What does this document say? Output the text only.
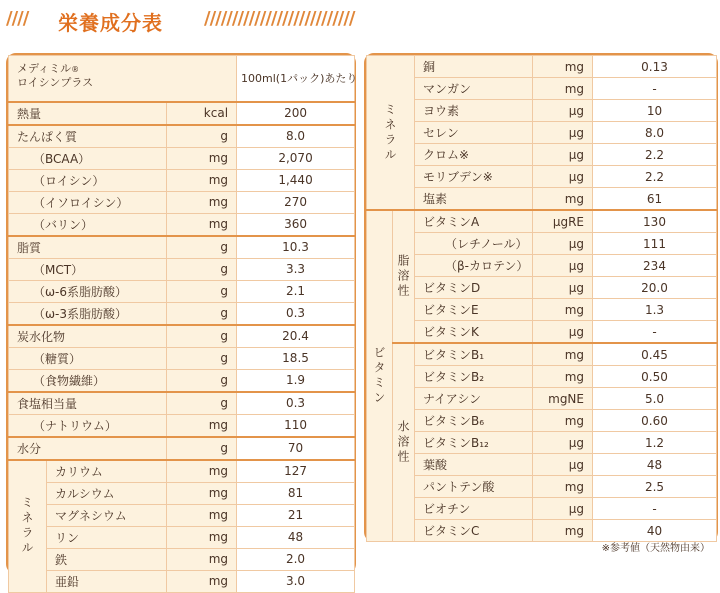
////	栄養成分表 ///////////////////////////
メディミル®
ロイシンプラス			100ml(1パック)あたり
熱量		kcal	200
たんぱく質		g	8.0
（BCAA）		mg	2,070
（ロイシン）		mg	1,440
（イソロイシン）		mg	270
（バリン）		mg	360
脂質		g	10.3
（MCT）		g	3.3
（ω-6系脂肪酸）		g	2.1
（ω-3系脂肪酸）		g	0.3
炭水化物		g	20.4
（糖質）		g	18.5
（食物繊維）		g	1.9
食塩相当量		g	0.3
（ナトリウム）		mg	110
水分		g	70
ミネラル	カリウム	mg	127
	カルシウム	mg	81
	マグネシウム	mg	21
	リン	mg	48
	鉄	mg	2.0
	亜鉛	mg	3.0
ミネラル		銅	mg	0.13
		マンガン	mg	-
		ヨウ素	μg	10
		セレン	μg	8.0
		クロム※	μg	2.2
		モリブデン※	μg	2.2
		塩素	mg	61
ビタミン	脂溶性	ビタミンA	μgRE	130
		（レチノール）	μg	111
		（β-カロテン）	μg	234
		ビタミンD	μg	20.0
		ビタミンE	mg	1.3
		ビタミンK	μg	-
	水溶性	ビタミンB₁	mg	0.45
		ビタミンB₂	mg	0.50
		ナイアシン	mgNE	5.0
		ビタミンB₆	mg	0.60
		ビタミンB₁₂	μg	1.2
		葉酸	μg	48
		パントテン酸	mg	2.5
		ビオチン	μg	-
		ビタミンC	mg	40
※参考値（天然物由来）
